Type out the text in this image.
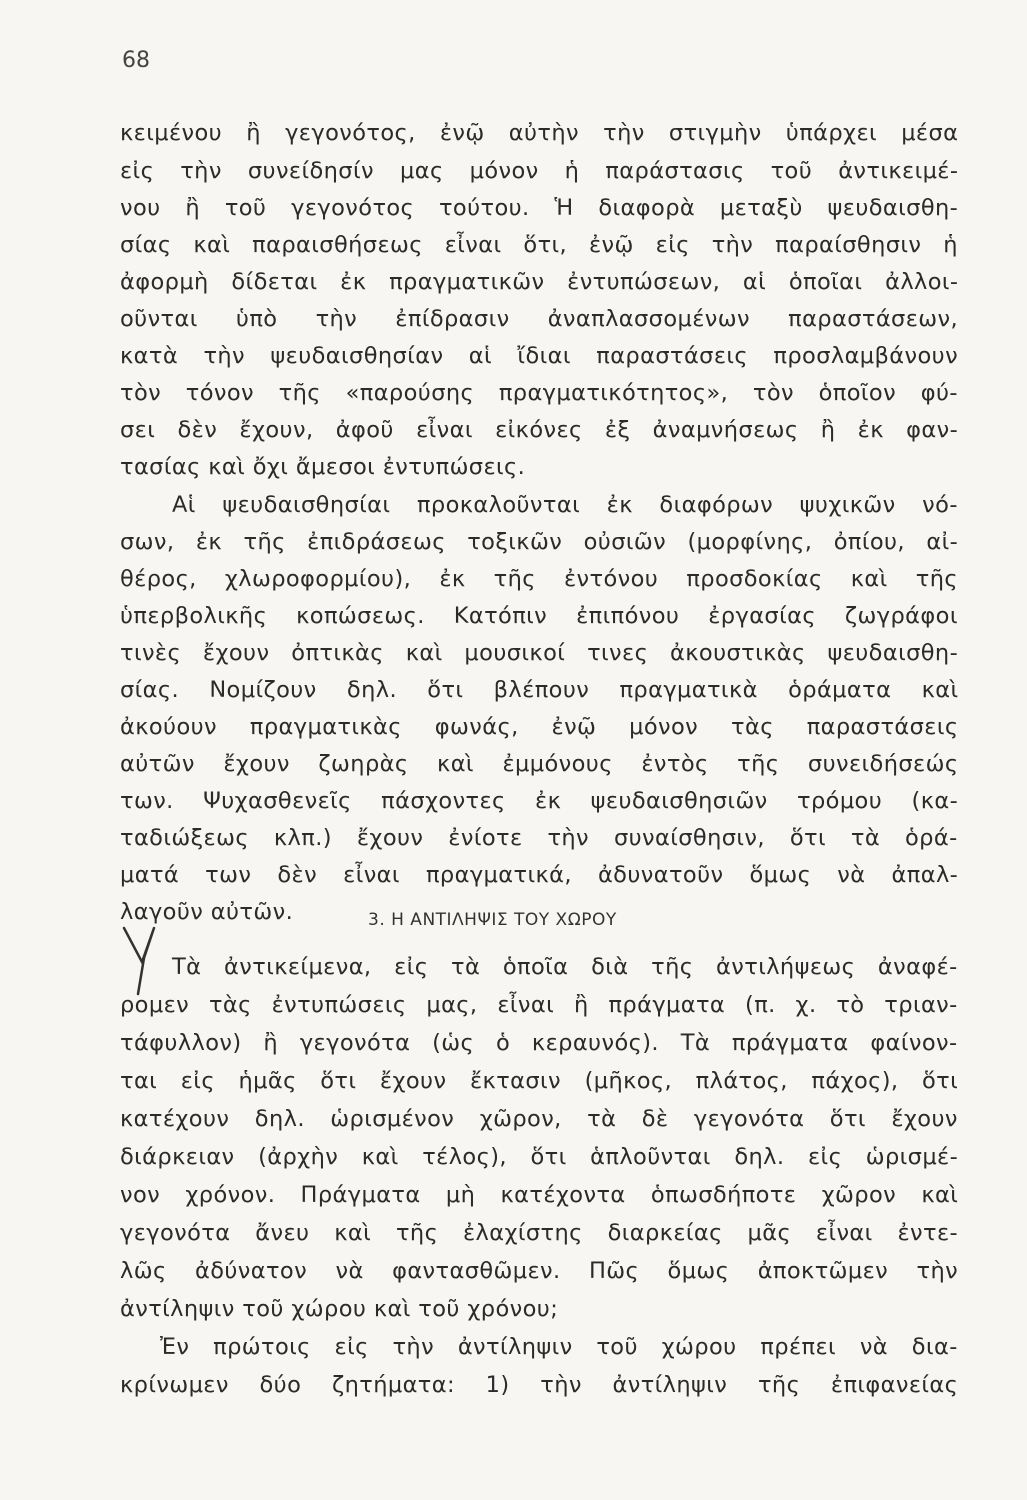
68
κειμένου ἢ γεγονότος, ἐνῷ αὐτὴν τὴν στιγμὴν ὑπάρχει μέσα
εἰς τὴν συνείδησίν μας μόνον ἡ παράστασις τοῦ ἀντικειμέ-
νου ἢ τοῦ γεγονότος τούτου. Ἡ διαφορὰ μεταξὺ ψευδαισθη-
σίας καὶ παραισθήσεως εἶναι ὅτι, ἐνῷ εἰς τὴν παραίσθησιν ἡ
ἀφορμὴ δίδεται ἐκ πραγματικῶν ἐντυπώσεων, αἱ ὁποῖαι ἀλλοι-
οῦνται ὑπὸ τὴν ἐπίδρασιν ἀναπλασσομένων παραστάσεων,
κατὰ τὴν ψευδαισθησίαν αἱ ἴδιαι παραστάσεις προσλαμβάνουν
τὸν τόνον τῆς «παρούσης πραγματικότητος», τὸν ὁποῖον φύ-
σει δὲν ἔχουν, ἀφοῦ εἶναι εἰκόνες ἐξ ἀναμνήσεως ἢ ἐκ φαν-
τασίας καὶ ὄχι ἄμεσοι ἐντυπώσεις.
Αἱ ψευδαισθησίαι προκαλοῦνται ἐκ διαφόρων ψυχικῶν νό-
σων, ἐκ τῆς ἐπιδράσεως τοξικῶν οὐσιῶν (μορφίνης, ὀπίου, αἰ-
θέρος, χλωροφορμίου), ἐκ τῆς ἐντόνου προσδοκίας καὶ τῆς
ὑπερβολικῆς κοπώσεως. Κατόπιν ἐπιπόνου ἐργασίας ζωγράφοι
τινὲς ἔχουν ὀπτικὰς καὶ μουσικοί τινες ἀκουστικὰς ψευδαισθη-
σίας. Νομίζουν δηλ. ὅτι βλέπουν πραγματικὰ ὁράματα καὶ
ἀκούουν πραγματικὰς φωνάς, ἐνῷ μόνον τὰς παραστάσεις
αὐτῶν ἔχουν ζωηρὰς καὶ ἐμμόνους ἐντὸς τῆς συνειδήσεώς
των. Ψυχασθενεῖς πάσχοντες ἐκ ψευδαισθησιῶν τρόμου (κα-
ταδιώξεως κλπ.) ἔχουν ἐνίοτε τὴν συναίσθησιν, ὅτι τὰ ὁρά-
ματά των δὲν εἶναι πραγματικά, ἀδυνατοῦν ὅμως νὰ ἀπαλ-
λαγοῦν αὐτῶν.	3. Η ΑΝΤΙΛΗΨΙΣ ΤΟΥ ΧΩΡΟΥ
Τὰ ἀντικείμενα, εἰς τὰ ὁποῖα διὰ τῆς ἀντιλήψεως ἀναφέ-
ρομεν τὰς ἐντυπώσεις μας, εἶναι ἢ πράγματα (π. χ. τὸ τριαν-
τάφυλλον) ἢ γεγονότα (ὡς ὁ κεραυνός). Τὰ πράγματα φαίνον-
ται εἰς ἡμᾶς ὅτι ἔχουν ἔκτασιν (μῆκος, πλάτος, πάχος), ὅτι
κατέχουν δηλ. ὡρισμένον χῶρον, τὰ δὲ γεγονότα ὅτι ἔχουν
διάρκειαν (ἀρχὴν καὶ τέλος), ὅτι ἁπλοῦνται δηλ. εἰς ὡρισμέ-
νον χρόνον. Πράγματα μὴ κατέχοντα ὁπωσδήποτε χῶρον καὶ
γεγονότα ἄνευ καὶ τῆς ἐλαχίστης διαρκείας μᾶς εἶναι ἐντε-
λῶς ἀδύνατον νὰ φαντασθῶμεν. Πῶς ὅμως ἀποκτῶμεν τὴν
ἀντίληψιν τοῦ χώρου καὶ τοῦ χρόνου;
Ἐν πρώτοις εἰς τὴν ἀντίληψιν τοῦ χώρου πρέπει νὰ δια-
κρίνωμεν δύο ζητήματα: 1) τὴν ἀντίληψιν τῆς ἐπιφανείας
